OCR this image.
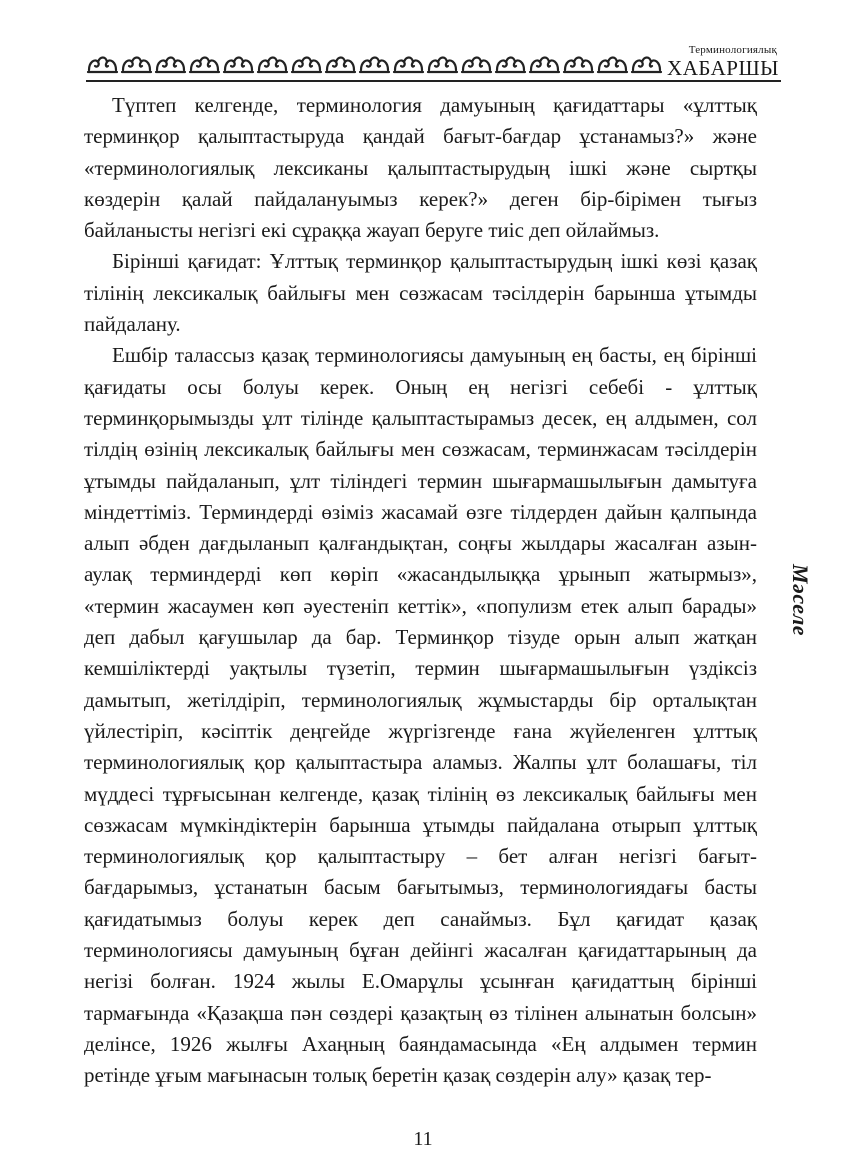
Терминологиялық
ХАБАРШЫ

Түптеп келгенде, терминология дамуының қағидаттары «ұлттық терминқор қалыптастыруда қандай бағыт-бағдар ұстанамыз?» және «терминологиялық лексиканы қалыптастырудың ішкі және сыртқы көздерін қалай пайдалануымыз керек?» деген бір-бірімен тығыз байланысты негізгі екі сұраққа жауап беруге тиіс деп ойлаймыз.

Бірінші қағидат: Ұлттық терминқор қалыптастырудың ішкі көзі қазақ тілінің лексикалық байлығы мен сөзжасам тәсілдерін барынша ұтымды пайдалану.

Ешбір талассыз қазақ терминологиясы дамуының ең басты, ең бірінші қағидаты осы болуы керек. Оның ең негізгі себебі - ұлттық терминқорымызды ұлт тілінде қалыптастырамыз десек, ең алдымен, сол тілдің өзінің лексикалық байлығы мен сөзжасам, терминжасам тәсілдерін ұтымды пайдаланып, ұлт тіліндегі термин шығармашылығын дамытуға міндеттіміз. Терминдерді өзіміз жасамай өзге тілдерден дайын қалпында алып әбден дағдыланып қалғандықтан, соңғы жылдары жасалған азын-аулақ терминдерді көп көріп «жасандылыққа ұрынып жатырмыз», «термин жасаумен көп әуестеніп кеттік», «популизм етек алып барады» деп дабыл қағушылар да бар. Терминқор тізуде орын алып жатқан кемшіліктерді уақтылы түзетіп, термин шығармашылығын үздіксіз дамытып, жетілдіріп, терминологиялық жұмыстарды бір орталықтан үйлестіріп, кәсіптік деңгейде жүргізгенде ғана жүйеленген ұлттық терминологиялық қор қалыптастыра аламыз. Жалпы ұлт болашағы, тіл мүддесі тұрғысынан келгенде, қазақ тілінің өз лексикалық байлығы мен сөзжасам мүмкіндіктерін барынша ұтымды пайдалана отырып ұлттық терминологиялық қор қалыптастыру – бет алған негізгі бағыт-бағдарымыз, ұстанатын басым бағытымыз, терминологиядағы басты қағидатымыз болуы керек деп санаймыз. Бұл қағидат қазақ терминологиясы дамуының бұған дейінгі жасалған қағидаттарының да негізі болған. 1924 жылы Е.Омарұлы ұсынған қағидаттың бірінші тармағында «Қазақша пән сөздері қазақтың өз тілінен алынатын болсын» делінсе, 1926 жылғы Ахаңның баяндамасында «Ең алдымен термин ретінде ұғым мағынасын толық беретін қазақ сөздерін алу» қазақ тер-

Мәселе
11
